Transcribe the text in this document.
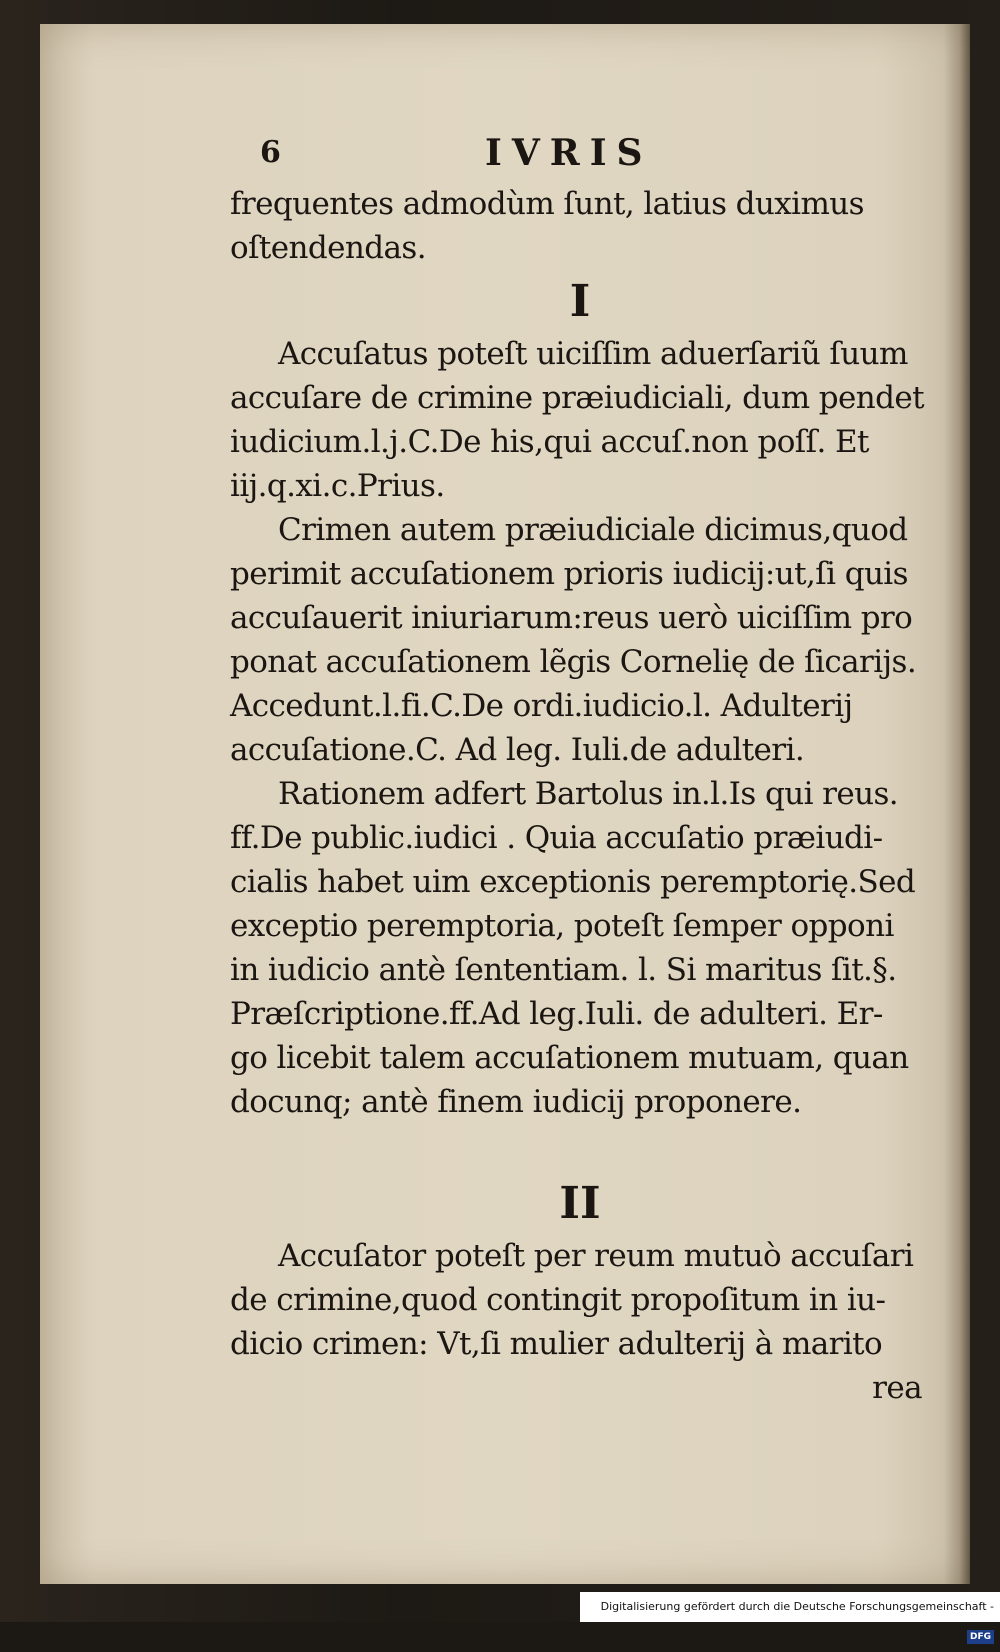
6	IVRIS
frequentes admodùm ſunt, latius duximus
oſtendendas.
I
Accuſatus poteſt uiciſſim aduerſariũ ſuum
accuſare de crimine præiudiciali, dum pendet
iudicium.l.j.C.De his,qui accuſ.non poſſ. Et
iij.q.xi.c.Prius.
Crimen autem præiudiciale dicimus,quod
perimit accuſationem prioris iudicij:ut,ſi quis
accuſauerit iniuriarum:reus uerò uiciſſim pro
ponat accuſationem lẽgis Cornelię de ſicarijs.
Accedunt.l.fi.C.De ordi.iudicio.l. Adulterij
accuſatione.C. Ad leg. Iuli.de adulteri.
Rationem adfert Bartolus in.l.Is qui reus.
ff.De public.iudici . Quia accuſatio præiudi-
cialis habet uim exceptionis peremptorię.Sed
exceptio peremptoria, poteſt ſemper opponi
in iudicio antè ſententiam. l. Si maritus ſit.§.
Præſcriptione.ff.Ad leg.Iuli. de adulteri. Er-
go licebit talem accuſationem mutuam, quan
docunq; antè finem iudicij proponere.
II
Accuſator poteſt per reum mutuò accuſari
de crimine,quod contingit propoſitum in iu-
dicio crimen: Vt,ſi mulier adulterij à marito
rea
Digitalisierung gefördert durch die Deutsche Forschungsgemeinschaft - DFG
